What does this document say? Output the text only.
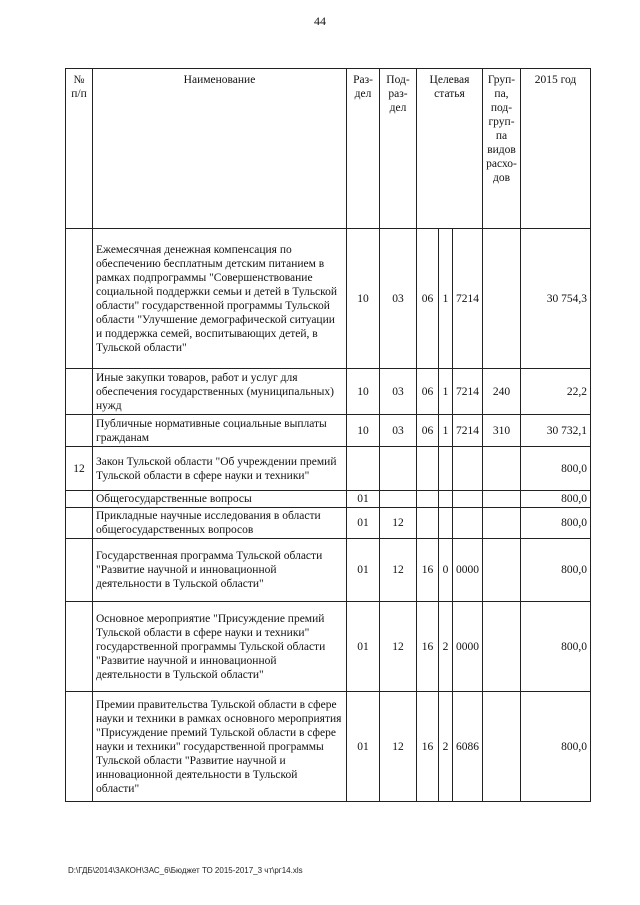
44
№ п/п	Наименование	Раз-дел	Под-раз-дел	Целевая статья			Груп-па, под-груп-па видов расхо-дов	2015 год
	Ежемесячная денежная компенсация по обеспечению бесплатным детским питанием в рамках подпрограммы "Совершенствование социальной поддержки семьи и детей в Тульской области" государственной программы Тульской области "Улучшение демографической ситуации и поддержка семей, воспитывающих детей, в Тульской области"	10	03	06	1	7214		30 754,3
	Иные закупки товаров, работ и услуг для обеспечения государственных (муниципальных) нужд	10	03	06	1	7214	240	22,2
	Публичные нормативные социальные выплаты гражданам	10	03	06	1	7214	310	30 732,1
12	Закон Тульской области "Об учреждении премий Тульской области в сфере науки и техники"							800,0
	Общегосударственные вопросы	01						800,0
	Прикладные научные исследования в области общегосударственных вопросов	01	12					800,0
	Государственная программа Тульской области "Развитие научной и инновационной деятельности в Тульской области"	01	12	16	0	0000		800,0
	Основное мероприятие "Присуждение премий Тульской области в сфере науки и техники" государственной программы Тульской области "Развитие научной и инновационной деятельности в Тульской области"	01	12	16	2	0000		800,0
	Премии правительства Тульской области в сфере науки и техники в рамках основного мероприятия "Присуждение премий Тульской области в сфере науки и техники" государственной программы Тульской области "Развитие научной и инновационной деятельности в Тульской области"	01	12	16	2	6086		800,0
D:\ГДБ\2014\ЗАКОН\ЗАС_6\Бюджет ТО 2015-2017_3 чт\рг14.xls
